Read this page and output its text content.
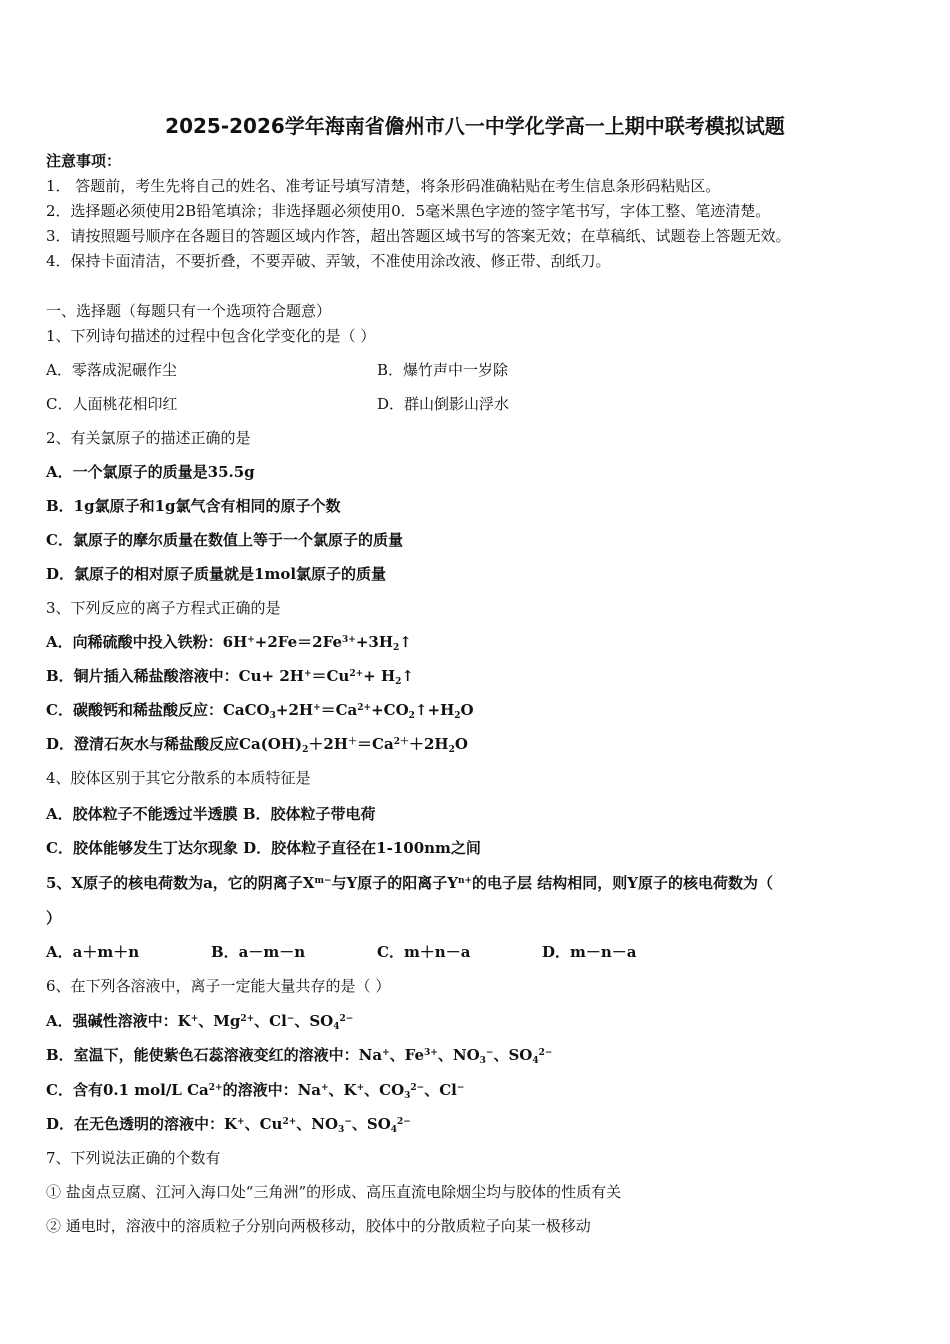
2025-2026学年海南省儋州市八一中学化学高一上期中联考模拟试题
注意事项：
1． 答题前，考生先将自己的姓名、准考证号填写清楚，将条形码准确粘贴在考生信息条形码粘贴区。
2．选择题必须使用2B铅笔填涂；非选择题必须使用0．5毫米黑色字迹的签字笔书写，字体工整、笔迹清楚。
3．请按照题号顺序在各题目的答题区域内作答，超出答题区域书写的答案无效；在草稿纸、试题卷上答题无效。
4．保持卡面清洁，不要折叠，不要弄破、弄皱，不准使用涂改液、修正带、刮纸刀。
一、选择题（每题只有一个选项符合题意）
1、下列诗句描述的过程中包含化学变化的是（ ）
A．零落成泥碾作尘	B．爆竹声中一岁除
C．人面桃花相印红	D．群山倒影山浮水
2、有关氯原子的描述正确的是
A．一个氯原子的质量是35.5g
B．1g氯原子和1g氯气含有相同的原子个数
C．氯原子的摩尔质量在数值上等于一个氯原子的质量
D．氯原子的相对原子质量就是1mol氯原子的质量
3、下列反应的离子方程式正确的是
A．向稀硫酸中投入铁粉：$6H^++2Fe=2Fe^{3+}+3H_2↑$
B．铜片插入稀盐酸溶液中：$Cu+ 2H^+=Cu^{2+}+$ $H_2↑$
C．碳酸钙和稀盐酸反应：$CaCO_3+2H^+=Ca^{2+}+CO_2↑+H_2O$
D．澄清石灰水与稀盐酸反应$Ca(OH)_2+2H^+=Ca^{2+}+2H_2O$
4、胶体区别于其它分散系的本质特征是
A．胶体粒子不能透过半透膜 B．胶体粒子带电荷
C．胶体能够发生丁达尔现象 D．胶体粒子直径在1-100nm之间
5、X原子的核电荷数为a，它的阴离子$X^{m-}$与Y原子的阳离子$Y^{n+}$的电子层 结构相同，则Y原子的核电荷数为（
）
A．a＋m＋n	B．a－m－n	C．m＋n－a	D．m－n－a
6、在下列各溶液中，离子一定能大量共存的是（ ）
A．强碱性溶液中：K+、$Mg^{2+}$、Cl−、$SO_4^{2-}$
B．室温下，能使紫色石蕊溶液变红的溶液中：Na+、$Fe^{3+}$、$NO_3^-$、$SO_4^{2-}$
C．含有0.1 mol/L $Ca^{2+}$的溶液中：Na+、K+、$CO_3^{2-}$、Cl−
D．在无色透明的溶液中：K+、$Cu^{2+}$、$NO_3^-$、$SO_4^{2-}$
7、下列说法正确的个数有
① 盐卤点豆腐、江河入海口处“三角洲”的形成、高压直流电除烟尘均与胶体的性质有关
② 通电时，溶液中的溶质粒子分别向两极移动，胶体中的分散质粒子向某一极移动
